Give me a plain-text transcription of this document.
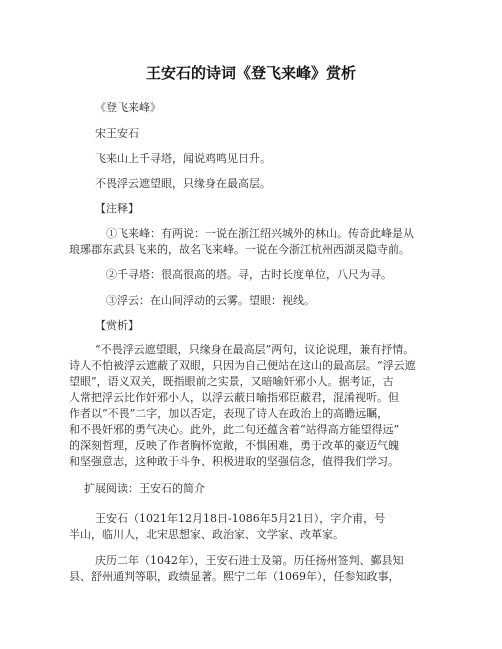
王安石的诗词《登飞来峰》赏析
《登飞来峰》
宋王安石
飞来山上千寻塔，闻说鸡鸣见日升。
不畏浮云遮望眼，只缘身在最高层。
【注释】
①飞来峰：有两说：一说在浙江绍兴城外的林山。传奇此峰是从
琅琊郡东武县飞来的，故名飞来峰。一说在今浙江杭州西湖灵隐寺前。
②千寻塔：很高很高的塔。寻，古时长度单位，八尺为寻。
③浮云：在山间浮动的云雾。望眼：视线。
【赏析】
“不畏浮云遮望眼，只缘身在最高层”两句，议论说理，兼有抒情。
诗人不怕被浮云遮蔽了双眼，只因为自己便站在这山的最高层。“浮云遮
望眼”，语义双关，既指眼前之实景，又暗喻奸邪小人。据考证，古
人常把浮云比作奸邪小人，以浮云蔽日喻指邪臣蔽君，混淆视听。但
作者以“不畏”二字，加以否定，表现了诗人在政治上的高瞻远瞩，
和不畏奸邪的勇气决心。此外，此二句还蕴含着“站得高方能望得远”
的深刻哲理，反映了作者胸怀宽敞，不惧困难，勇于改革的豪迈气魄
和坚强意志，这种敢于斗争、积极进取的坚强信念，值得我们学习。
扩展阅读：王安石的简介
王安石（1021年12月18日-1086年5月21日），字介甫，号
半山，临川人，北宋思想家、政治家、文学家、改革家。
庆历二年（1042年），王安石进士及第。历任扬州签判、鄞县知
县、舒州通判等职，政绩显著。熙宁二年（1069年），任参知政事，
